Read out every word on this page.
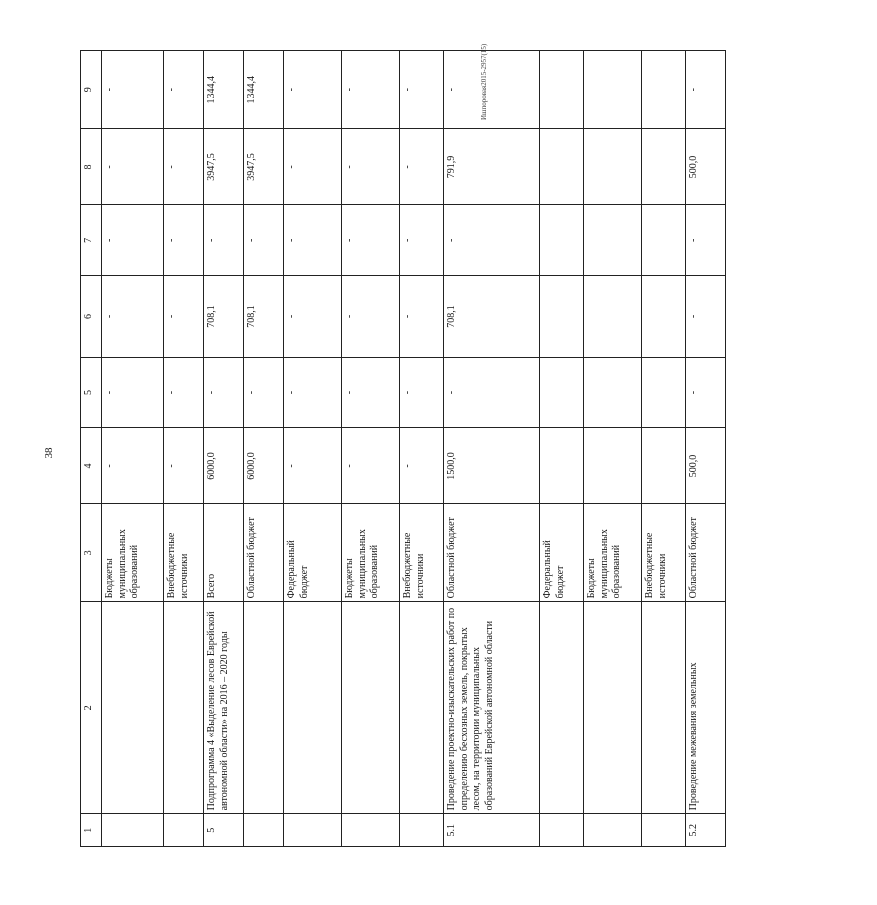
38
1	2	3	4	5	6	7	8	9
		Бюджеты муниципальных образований	-	-	-	-	-	-
		Внебюджетные источники	-	-	-	-	-	-
5	Подпрограмма 4 «Выделение лесов Еврейской автономной области» на 2016 – 2020 годы	Всего	6000,0	-	708,1	-	3947,5	1344,4
		Областной бюджет	6000,0	-	708,1	-	3947,5	1344,4
		Федеральный бюджет	-	-	-	-	-	-
		Бюджеты муниципальных образований	-	-	-	-	-	-
		Внебюджетные источники	-	-	-	-	-	-
5.1	Проведение проектно-изыскательских работ по определению бесхозных земель, покрытых лесом, на территории муниципальных образований Еврейской автономной области	Областной бюджет	1500,0	-	708,1	-	791,9	-
		Федеральный бюджет						
		Бюджеты муниципальных образований						
		Внебюджетные источники						
5.2	Проведение межевания земельных	Областной бюджет	500,0	-	-	-	500,0	-
Ишпоровая2015-2957(15)
